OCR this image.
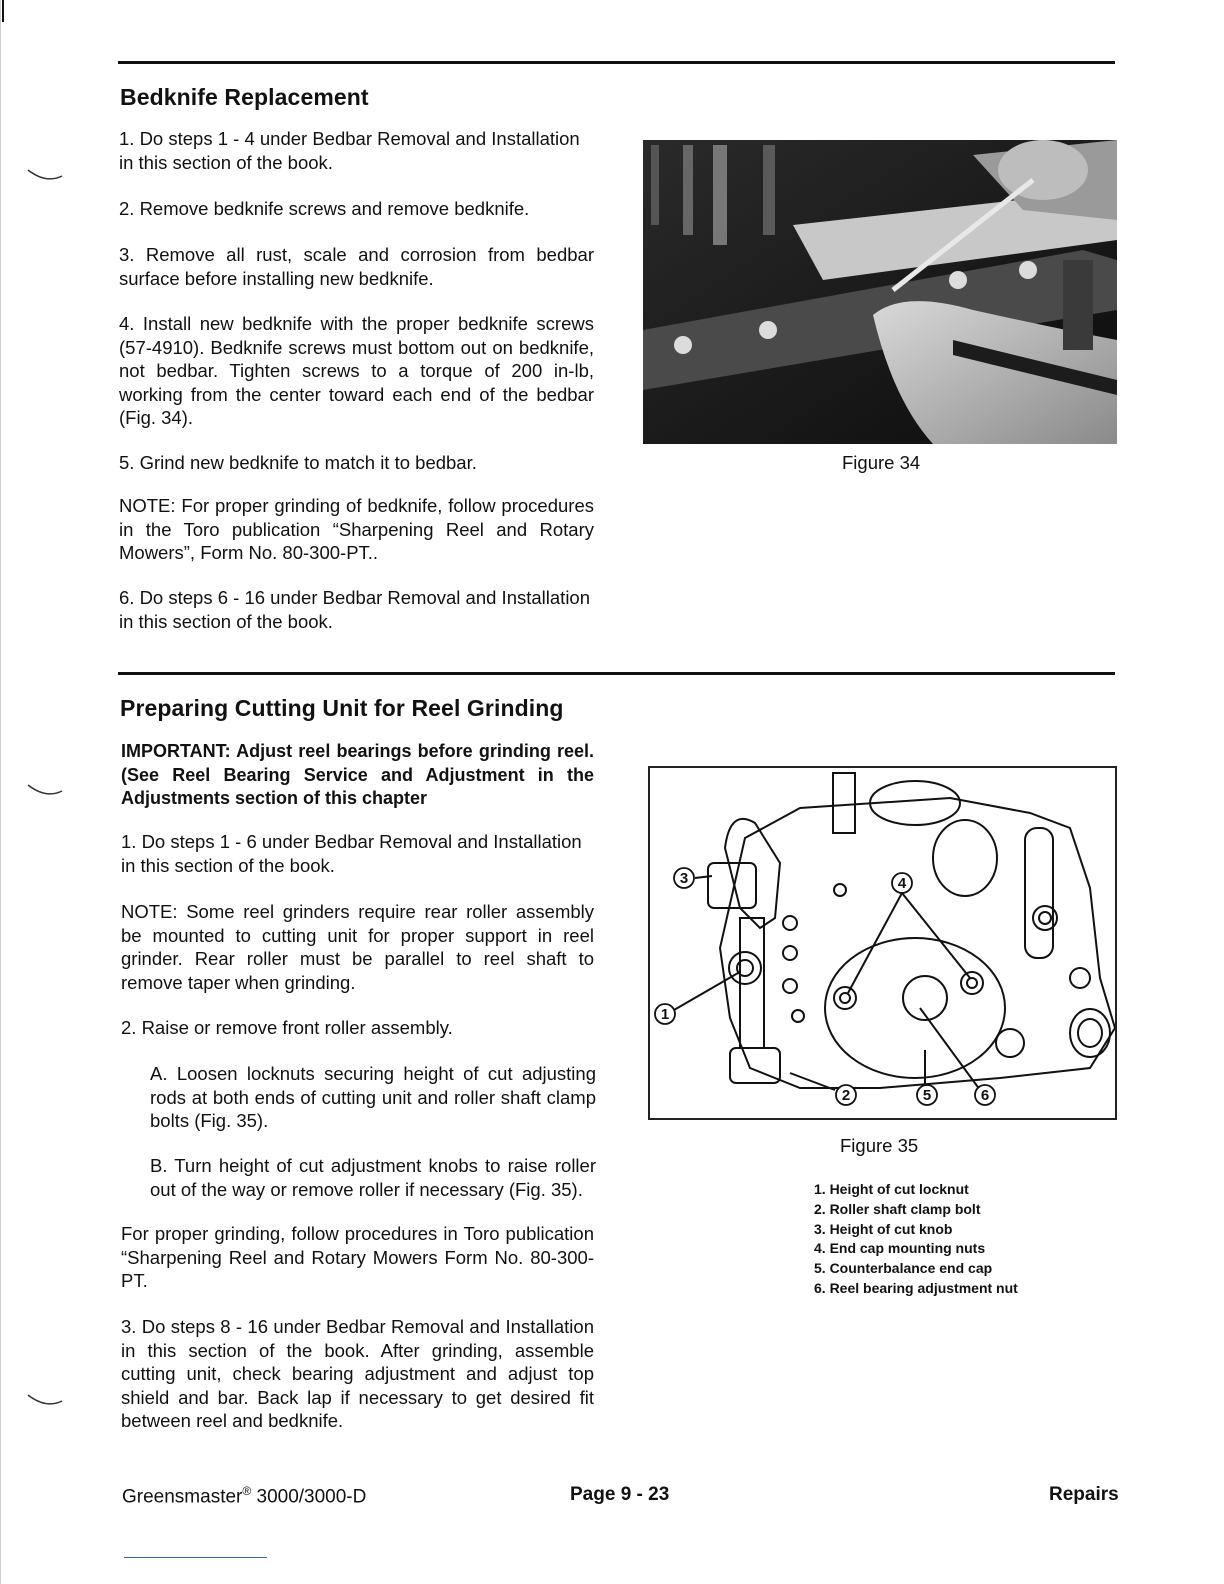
Bedknife Replacement

1. Do steps 1 - 4 under Bedbar Removal and Installation
in this section of the book.

2. Remove bedknife screws and remove bedknife.

3. Remove all rust, scale and corrosion from bedbar surface before installing new bedknife.

4. Install new bedknife with the proper bedknife screws (57-4910). Bedknife screws must bottom out on bedknife, not bedbar. Tighten screws to a torque of 200 in-lb, working from the center toward each end of the bedbar (Fig. 34).

5. Grind new bedknife to match it to bedbar.

NOTE: For proper grinding of bedknife, follow procedures in the Toro publication “Sharpening Reel and Rotary Mowers”, Form No. 80-300-PT..

6. Do steps 6 - 16 under Bedbar Removal and Installation
in this section of the book.

Figure 34
Preparing Cutting Unit for Reel Grinding

IMPORTANT: Adjust reel bearings before grinding reel. (See Reel Bearing Service and Adjustment in the Adjustments section of this chapter

1. Do steps 1 - 6 under Bedbar Removal and Installation
in this section of the book.

NOTE: Some reel grinders require rear roller assembly be mounted to cutting unit for proper support in reel grinder. Rear roller must be parallel to reel shaft to remove taper when grinding.

2. Raise or remove front roller assembly.

A. Loosen locknuts securing height of cut adjusting rods at both ends of cutting unit and roller shaft clamp bolts (Fig. 35).

B. Turn height of cut adjustment knobs to raise roller out of the way or remove roller if necessary (Fig. 35).

For proper grinding, follow procedures in Toro publication “Sharpening Reel and Rotary Mowers Form No. 80-300-PT.

3. Do steps 8 - 16 under Bedbar Removal and Installation in this section of the book. After grinding, assemble cutting unit, check bearing adjustment and adjust top shield and bar. Back lap if necessary to get desired fit between reel and bedknife.

3	4
1
2	5	6
Figure 35
1. Height of cut locknut
2. Roller shaft clamp bolt
3. Height of cut knob
4. End cap mounting nuts
5. Counterbalance end cap
6. Reel bearing adjustment nut
Greensmaster® 3000/3000-D	Page 9 - 23	Repairs
